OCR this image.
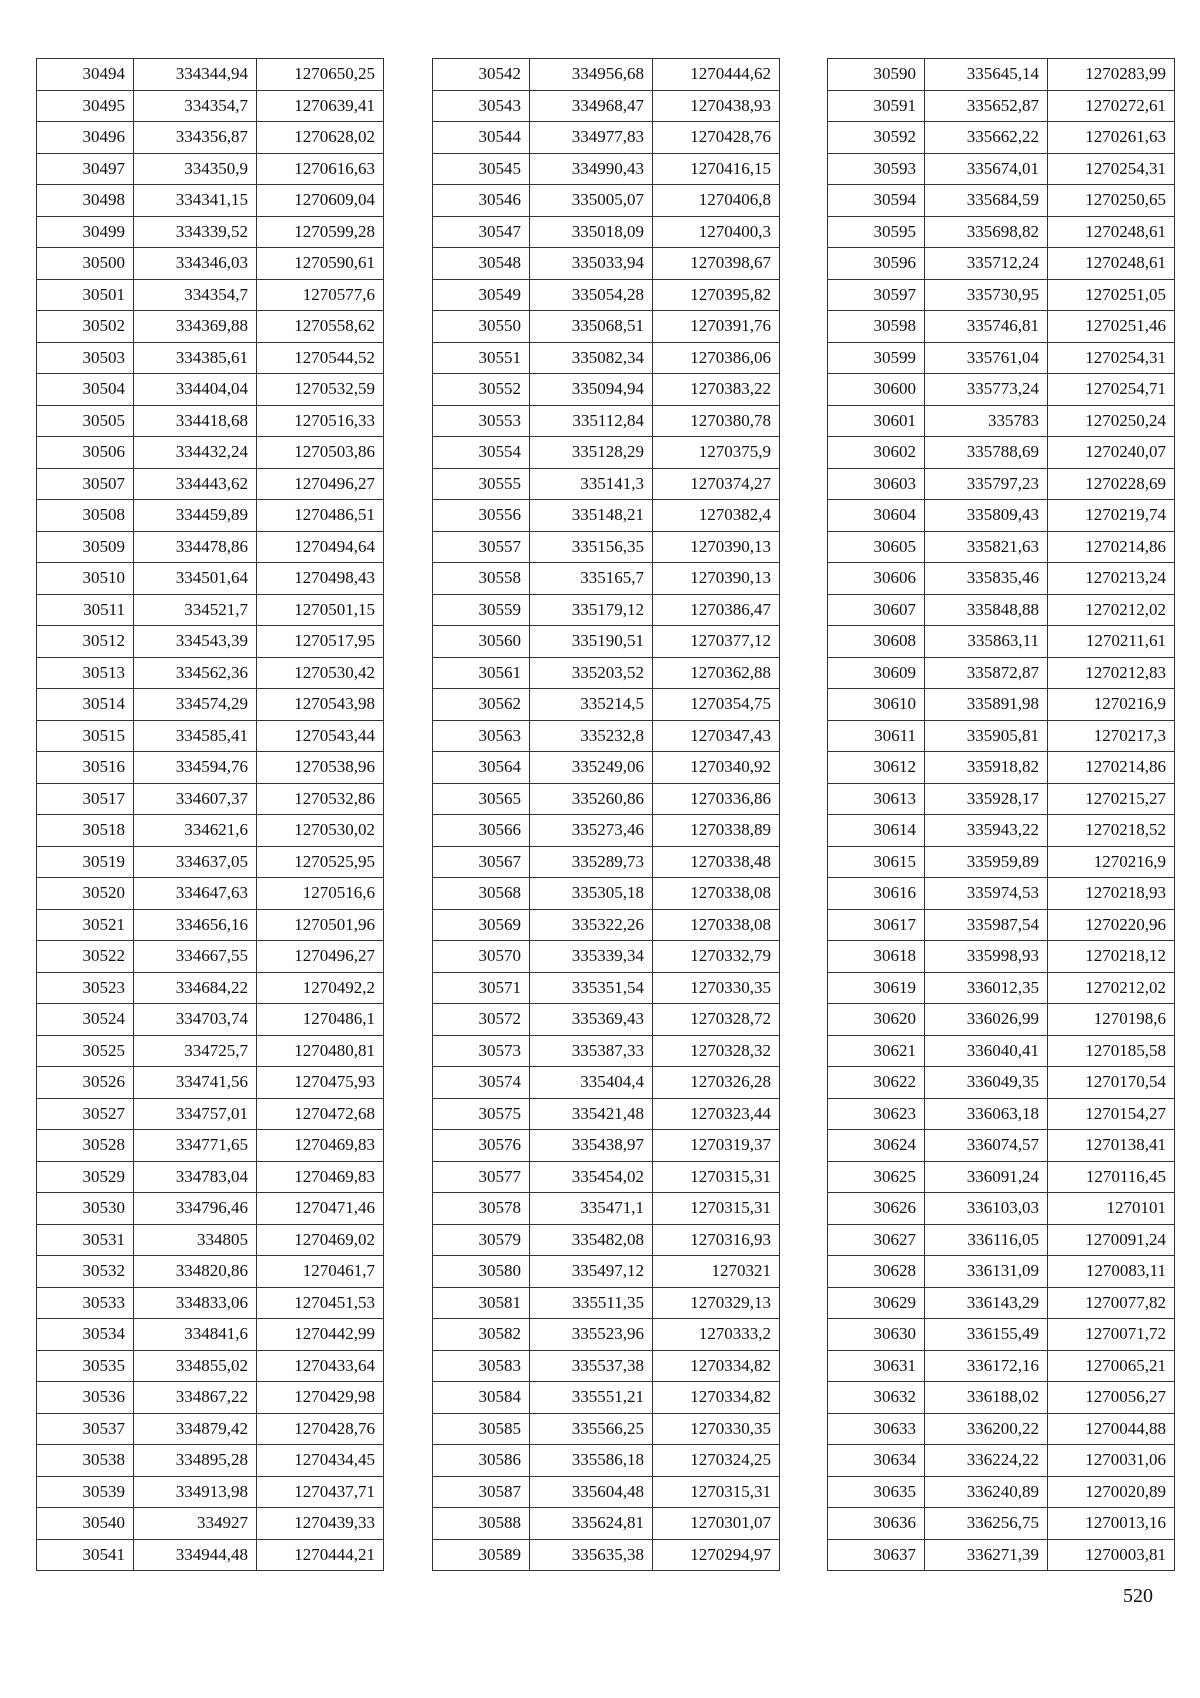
30494	334344,94	1270650,25
30495	334354,7	1270639,41
30496	334356,87	1270628,02
30497	334350,9	1270616,63
30498	334341,15	1270609,04
30499	334339,52	1270599,28
30500	334346,03	1270590,61
30501	334354,7	1270577,6
30502	334369,88	1270558,62
30503	334385,61	1270544,52
30504	334404,04	1270532,59
30505	334418,68	1270516,33
30506	334432,24	1270503,86
30507	334443,62	1270496,27
30508	334459,89	1270486,51
30509	334478,86	1270494,64
30510	334501,64	1270498,43
30511	334521,7	1270501,15
30512	334543,39	1270517,95
30513	334562,36	1270530,42
30514	334574,29	1270543,98
30515	334585,41	1270543,44
30516	334594,76	1270538,96
30517	334607,37	1270532,86
30518	334621,6	1270530,02
30519	334637,05	1270525,95
30520	334647,63	1270516,6
30521	334656,16	1270501,96
30522	334667,55	1270496,27
30523	334684,22	1270492,2
30524	334703,74	1270486,1
30525	334725,7	1270480,81
30526	334741,56	1270475,93
30527	334757,01	1270472,68
30528	334771,65	1270469,83
30529	334783,04	1270469,83
30530	334796,46	1270471,46
30531	334805	1270469,02
30532	334820,86	1270461,7
30533	334833,06	1270451,53
30534	334841,6	1270442,99
30535	334855,02	1270433,64
30536	334867,22	1270429,98
30537	334879,42	1270428,76
30538	334895,28	1270434,45
30539	334913,98	1270437,71
30540	334927	1270439,33
30541	334944,48	1270444,21
30542	334956,68	1270444,62
30543	334968,47	1270438,93
30544	334977,83	1270428,76
30545	334990,43	1270416,15
30546	335005,07	1270406,8
30547	335018,09	1270400,3
30548	335033,94	1270398,67
30549	335054,28	1270395,82
30550	335068,51	1270391,76
30551	335082,34	1270386,06
30552	335094,94	1270383,22
30553	335112,84	1270380,78
30554	335128,29	1270375,9
30555	335141,3	1270374,27
30556	335148,21	1270382,4
30557	335156,35	1270390,13
30558	335165,7	1270390,13
30559	335179,12	1270386,47
30560	335190,51	1270377,12
30561	335203,52	1270362,88
30562	335214,5	1270354,75
30563	335232,8	1270347,43
30564	335249,06	1270340,92
30565	335260,86	1270336,86
30566	335273,46	1270338,89
30567	335289,73	1270338,48
30568	335305,18	1270338,08
30569	335322,26	1270338,08
30570	335339,34	1270332,79
30571	335351,54	1270330,35
30572	335369,43	1270328,72
30573	335387,33	1270328,32
30574	335404,4	1270326,28
30575	335421,48	1270323,44
30576	335438,97	1270319,37
30577	335454,02	1270315,31
30578	335471,1	1270315,31
30579	335482,08	1270316,93
30580	335497,12	1270321
30581	335511,35	1270329,13
30582	335523,96	1270333,2
30583	335537,38	1270334,82
30584	335551,21	1270334,82
30585	335566,25	1270330,35
30586	335586,18	1270324,25
30587	335604,48	1270315,31
30588	335624,81	1270301,07
30589	335635,38	1270294,97
30590	335645,14	1270283,99
30591	335652,87	1270272,61
30592	335662,22	1270261,63
30593	335674,01	1270254,31
30594	335684,59	1270250,65
30595	335698,82	1270248,61
30596	335712,24	1270248,61
30597	335730,95	1270251,05
30598	335746,81	1270251,46
30599	335761,04	1270254,31
30600	335773,24	1270254,71
30601	335783	1270250,24
30602	335788,69	1270240,07
30603	335797,23	1270228,69
30604	335809,43	1270219,74
30605	335821,63	1270214,86
30606	335835,46	1270213,24
30607	335848,88	1270212,02
30608	335863,11	1270211,61
30609	335872,87	1270212,83
30610	335891,98	1270216,9
30611	335905,81	1270217,3
30612	335918,82	1270214,86
30613	335928,17	1270215,27
30614	335943,22	1270218,52
30615	335959,89	1270216,9
30616	335974,53	1270218,93
30617	335987,54	1270220,96
30618	335998,93	1270218,12
30619	336012,35	1270212,02
30620	336026,99	1270198,6
30621	336040,41	1270185,58
30622	336049,35	1270170,54
30623	336063,18	1270154,27
30624	336074,57	1270138,41
30625	336091,24	1270116,45
30626	336103,03	1270101
30627	336116,05	1270091,24
30628	336131,09	1270083,11
30629	336143,29	1270077,82
30630	336155,49	1270071,72
30631	336172,16	1270065,21
30632	336188,02	1270056,27
30633	336200,22	1270044,88
30634	336224,22	1270031,06
30635	336240,89	1270020,89
30636	336256,75	1270013,16
30637	336271,39	1270003,81
520
